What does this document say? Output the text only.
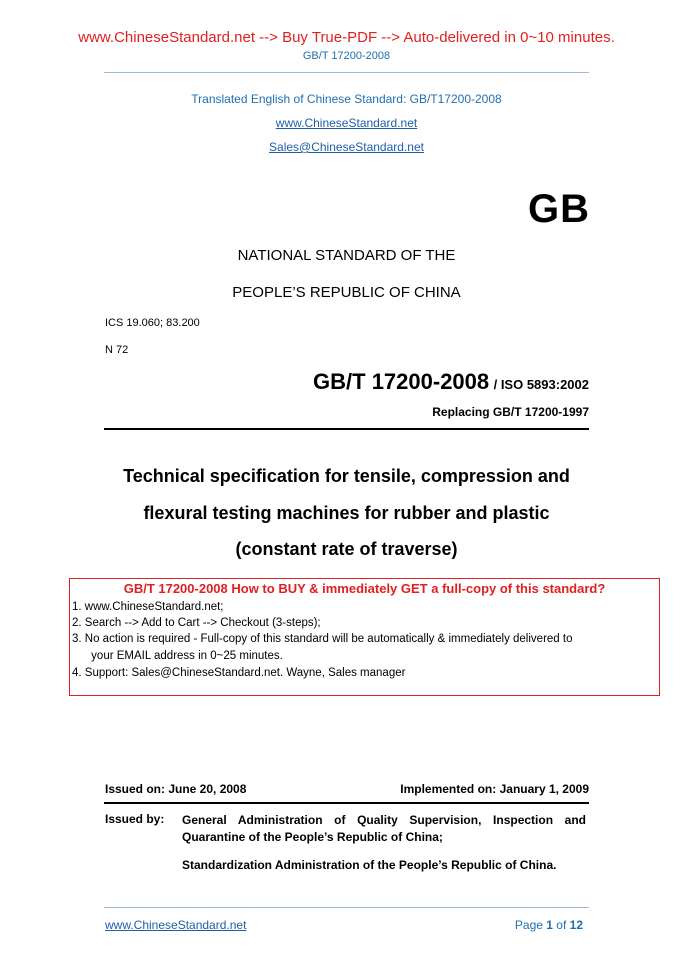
www.ChineseStandard.net --> Buy True-PDF --> Auto-delivered in 0~10 minutes.
GB/T 17200-2008
Translated English of Chinese Standard: GB/T17200-2008
www.ChineseStandard.net
Sales@ChineseStandard.net
GB
NATIONAL STANDARD OF THE
PEOPLE’S REPUBLIC OF CHINA
ICS 19.060; 83.200
N 72
GB/T 17200-2008 / ISO 5893:2002
Replacing GB/T 17200-1997
Technical specification for tensile, compression and
flexural testing machines for rubber and plastic
(constant rate of traverse)
GB/T 17200-2008 How to BUY & immediately GET a full-copy of this standard?
1. www.ChineseStandard.net;
2. Search --> Add to Cart --> Checkout (3-steps);
3. No action is required - Full-copy of this standard will be automatically & immediately delivered to
your EMAIL address in 0~25 minutes.
4. Support: Sales@ChineseStandard.net. Wayne, Sales manager
Issued on: June 20, 2008	Implemented on: January 1, 2009
Issued by: General Administration of Quality Supervision, Inspection and Quarantine of the People’s Republic of China;
Standardization Administration of the People’s Republic of China.
www.ChineseStandard.net	Page 1 of 12
